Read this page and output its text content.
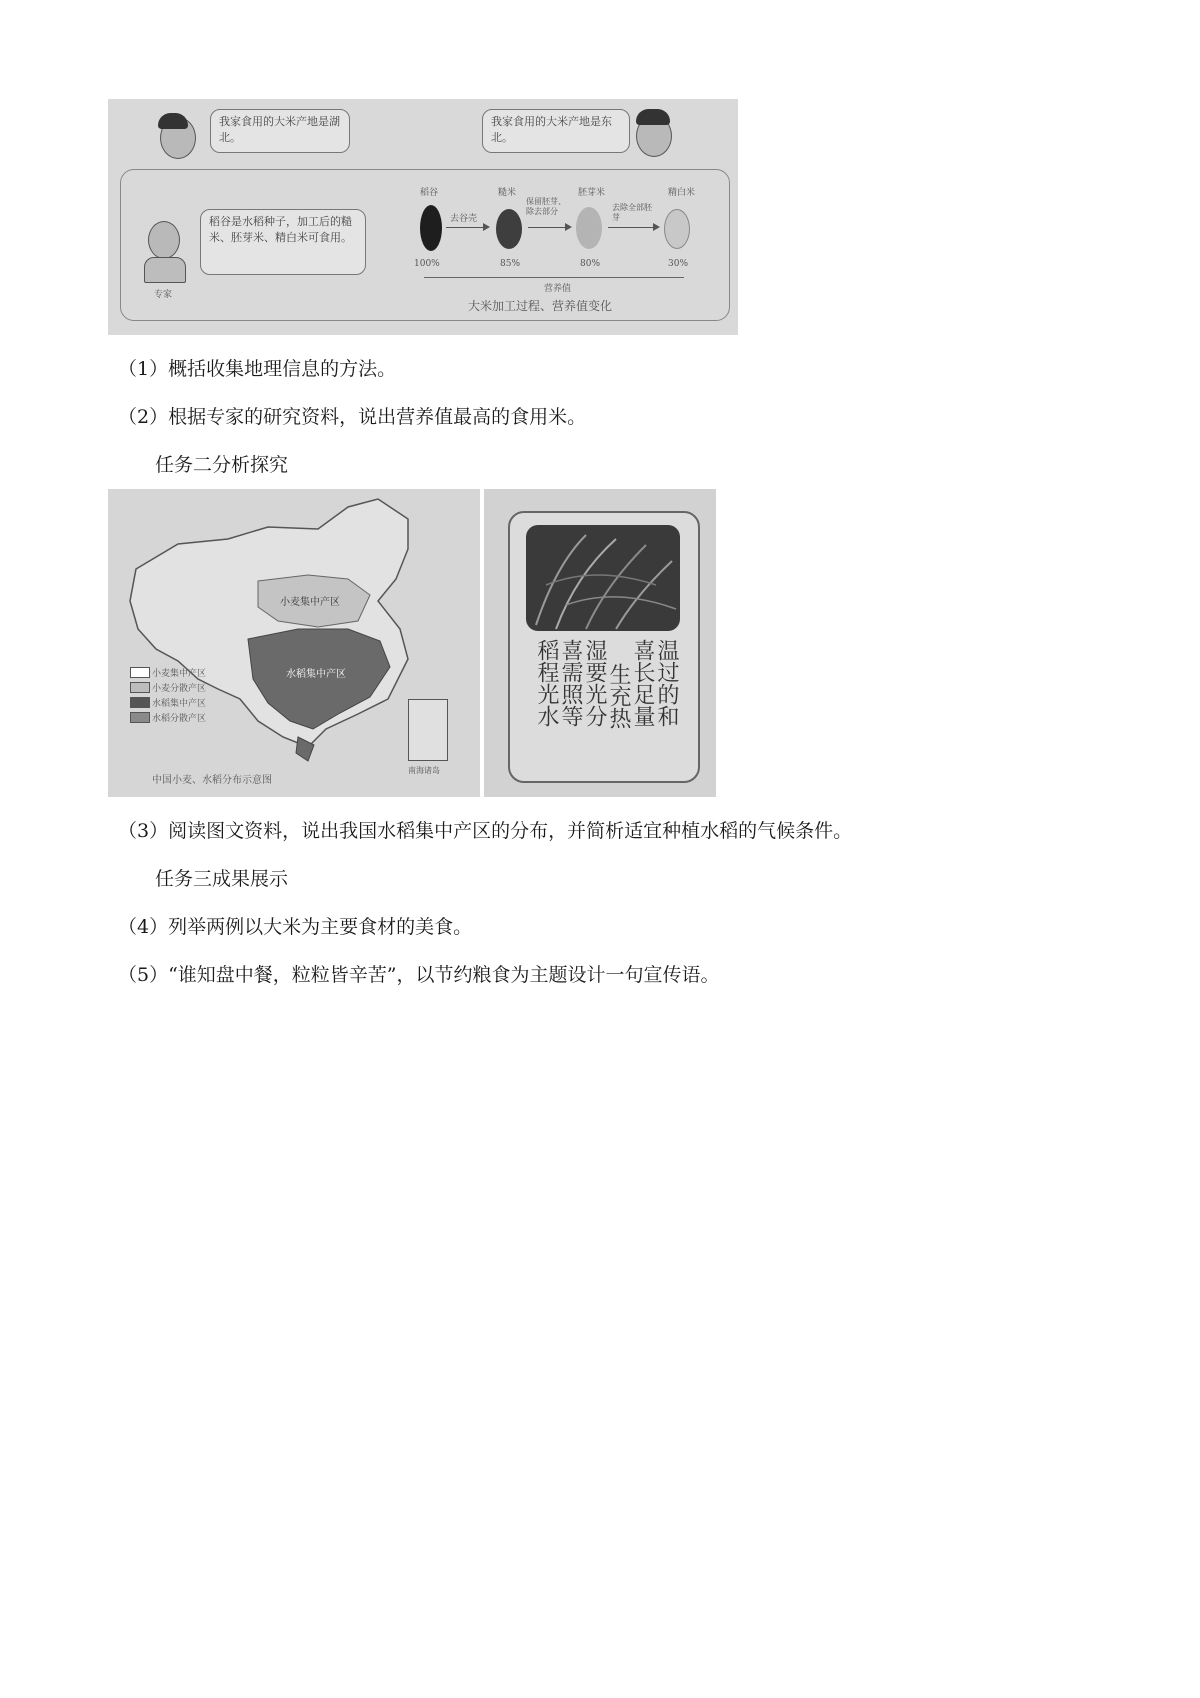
我家食用的大米产地是湖北。
我家食用的大米产地是东北。
专家
稻谷是水稻种子，加工后的糙米、胚芽米、精白米可食用。
稻谷	糙米	胚芽米	精白米
去谷壳
保留胚芽、除去部分	去除全部胚芽
100%	85%	80%	30%
营养值
大米加工过程、营养值变化
（1）概括收集地理信息的方法。
（2）根据专家的研究资料，说出营养值最高的食用米。
任务二分析探究
小麦集中产区
水稻集中产区
小麦集中产区
小麦分散产区
水稻集中产区
水稻分散产区
南海诸岛
中国小麦、水稻分布示意图
温过的和
喜长足量
生充热
湿要光分
喜需照等
稻程光水
（3）阅读图文资料，说出我国水稻集中产区的分布，并简析适宜种植水稻的气候条件。
任务三成果展示
（4）列举两例以大米为主要食材的美食。
（5）“谁知盘中餐，粒粒皆辛苦”，以节约粮食为主题设计一句宣传语。
